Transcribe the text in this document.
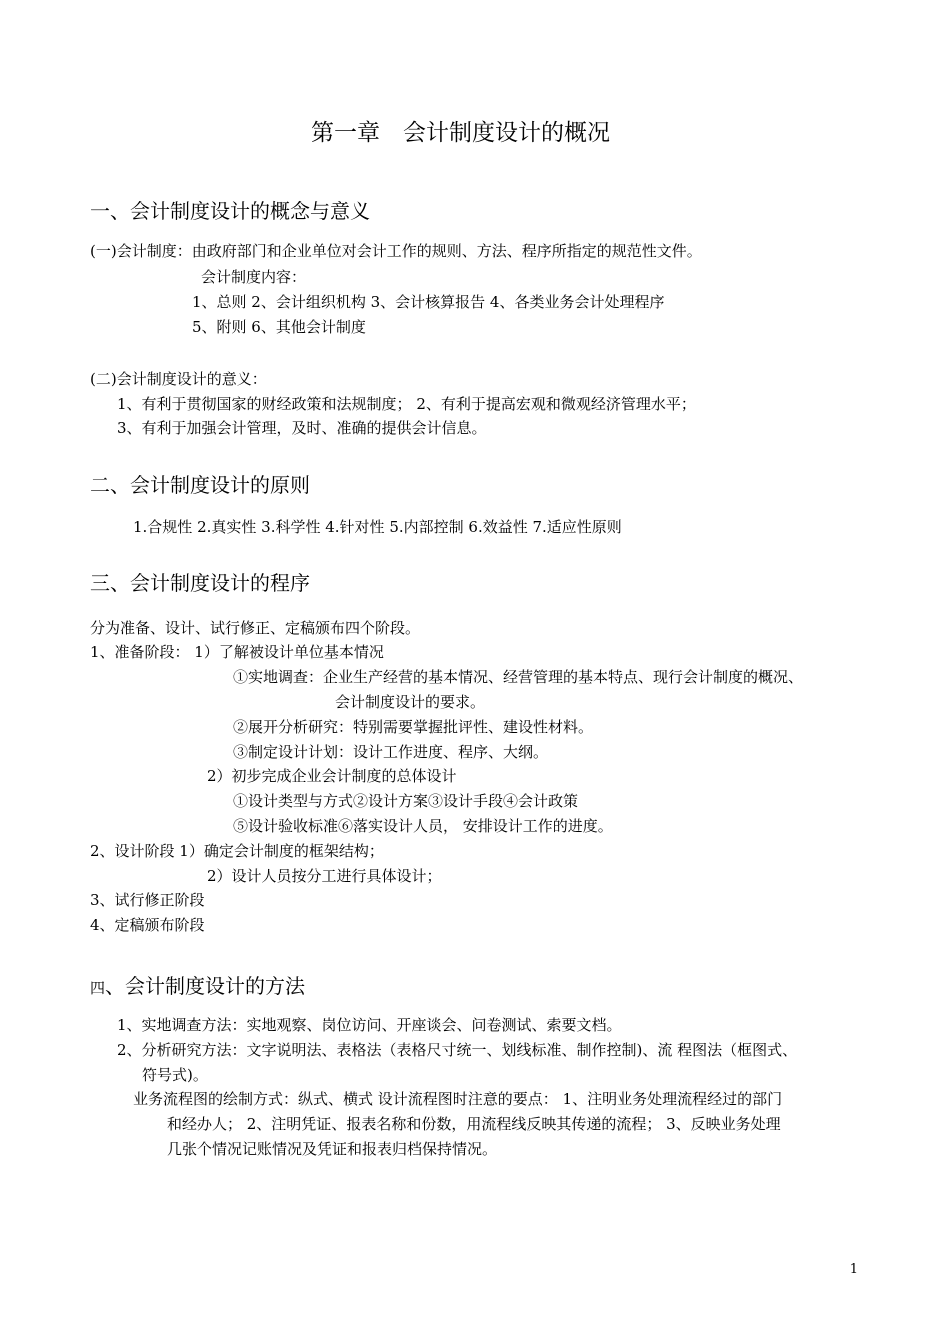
第一章　会计制度设计的概况
一、会计制度设计的概念与意义
(一)会计制度：由政府部门和企业单位对会计工作的规则、方法、程序所指定的规范性文件。
会计制度内容：
1、总则 2、会计组织机构 3、会计核算报告 4、各类业务会计处理程序
5、附则 6、其他会计制度
(二)会计制度设计的意义：
1、有利于贯彻国家的财经政策和法规制度； 2、有利于提高宏观和微观经济管理水平；
3、有利于加强会计管理，及时、准确的提供会计信息。
二、会计制度设计的原则
1.合规性 2.真实性 3.科学性 4.针对性 5.内部控制 6.效益性 7.适应性原则
三、会计制度设计的程序
分为准备、设计、试行修正、定稿颁布四个阶段。
1、准备阶段： 1）了解被设计单位基本情况
①实地调查：企业生产经营的基本情况、经营管理的基本特点、现行会计制度的概况、
会计制度设计的要求。
②展开分析研究：特别需要掌握批评性、建设性材料。
③制定设计计划：设计工作进度、程序、大纲。
2）初步完成企业会计制度的总体设计
①设计类型与方式②设计方案③设计手段④会计政策
⑤设计验收标准⑥落实设计人员， 安排设计工作的进度。
2、设计阶段 1）确定会计制度的框架结构；
2）设计人员按分工进行具体设计；
3、试行修正阶段
4、定稿颁布阶段
四、会计制度设计的方法
1、实地调查方法：实地观察、岗位访问、开座谈会、问卷测试、索要文档。
2、分析研究方法：文字说明法、表格法（表格尺寸统一、划线标准、制作控制)、流 程图法（框图式、
符号式)。
业务流程图的绘制方式：纵式、横式 设计流程图时注意的要点： 1、注明业务处理流程经过的部门
和经办人； 2、注明凭证、报表名称和份数，用流程线反映其传递的流程； 3、反映业务处理
几张个情况记账情况及凭证和报表归档保持情况。
1
